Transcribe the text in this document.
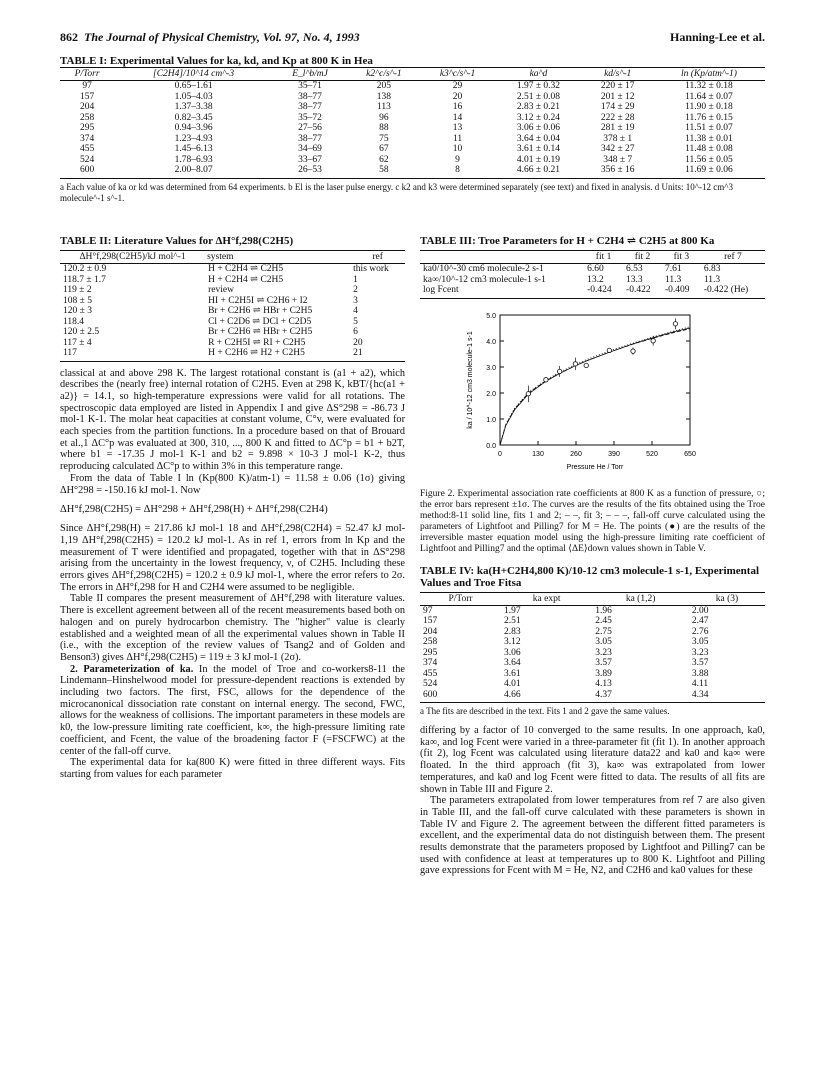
862 The Journal of Physical Chemistry, Vol. 97, No. 4, 1993	Hanning-Lee et al.
TABLE I: Experimental Values for ka, kd, and Kp at 800 K in Hea
P/Torr	[C2H4]/10^14 cm^-3	E_l^b/mJ	k2^c/s^-1	k3^c/s^-1	ka^d	kd/s^-1	ln (Kp/atm^-1)
97	0.65–1.61	35–71	205	29	1.97 ± 0.32	220 ± 17	11.32 ± 0.18
157	1.05–4.03	38–77	138	20	2.51 ± 0.08	201 ± 12	11.64 ± 0.07
204	1.37–3.38	38–77	113	16	2.83 ± 0.21	174 ± 29	11.90 ± 0.18
258	0.82–3.45	35–72	96	14	3.12 ± 0.24	222 ± 28	11.76 ± 0.15
295	0.94–3.96	27–56	88	13	3.06 ± 0.06	281 ± 19	11.51 ± 0.07
374	1.23–4.93	38–77	75	11	3.64 ± 0.04	378 ± 1	11.38 ± 0.01
455	1.45–6.13	34–69	67	10	3.61 ± 0.14	342 ± 27	11.48 ± 0.08
524	1.78–6.93	33–67	62	9	4.01 ± 0.19	348 ± 7	11.56 ± 0.05
600	2.00–8.07	26–53	58	8	4.66 ± 0.21	356 ± 16	11.69 ± 0.06
a Each value of ka or kd was determined from 64 experiments. b El is the laser pulse energy. c k2 and k3 were determined separately (see text) and fixed in analysis. d Units: 10^-12 cm^3 molecule^-1 s^-1.
TABLE II: Literature Values for ΔH°f,298(C2H5)
ΔH°f,298(C2H5)/kJ mol^-1	system	ref
120.2 ± 0.9	H + C2H4 ⇌ C2H5	this work
118.7 ± 1.7	H + C2H4 ⇌ C2H5	1
119 ± 2	review	2
108 ± 5	HI + C2H5I ⇌ C2H6 + I2	3
120 ± 3	Br + C2H6 ⇌ HBr + C2H5	4
118.4	Cl + C2D6 ⇌ DCl + C2D5	5
120 ± 2.5	Br + C2H6 ⇌ HBr + C2H5	6
117 ± 4	R + C2H5I ⇌ RI + C2H5	20
117	H + C2H6 ⇌ H2 + C2H5	21

classical at and above 298 K. The largest rotational constant is (a1 + a2), which describes the (nearly free) internal rotation of C2H5. Even at 298 K, kBT/{hc(a1 + a2)} = 14.1, so high-temperature expressions were valid for all rotations. The spectroscopic data employed are listed in Appendix I and give ΔS°298 = -86.73 J mol-1 K-1. The molar heat capacities at constant volume, C°v, were evaluated for each species from the partition functions. In a procedure based on that of Brouard et al.,1 ΔC°p was evaluated at 300, 310, ..., 800 K and fitted to ΔC°p = b1 + b2T, where b1 = -17.35 J mol-1 K-1 and b2 = 9.898 × 10-3 J mol-1 K-2, thus reproducing calculated ΔC°p to within 3% in this temperature range.

From the data of Table I ln (Kp(800 K)/atm-1) = 11.58 ± 0.06 (1σ) giving ΔH°298 = -150.16 kJ mol-1. Now

ΔH°f,298(C2H5) = ΔH°298 + ΔH°f,298(H) + ΔH°f,298(C2H4)

Since ΔH°f,298(H) = 217.86 kJ mol-1 18 and ΔH°f,298(C2H4) = 52.47 kJ mol-1,19 ΔH°f,298(C2H5) = 120.2 kJ mol-1. As in ref 1, errors from ln Kp and the measurement of T were identified and propagated, together with that in ΔS°298 arising from the uncertainty in the lowest frequency, ν, of C2H5. Including these errors gives ΔH°f,298(C2H5) = 120.2 ± 0.9 kJ mol-1, where the error refers to 2σ. The errors in ΔH°f,298 for H and C2H4 were assumed to be negligible.

Table II compares the present measurement of ΔH°f,298 with literature values. There is excellent agreement between all of the recent measurements based both on halogen and on purely hydrocarbon chemistry. The "higher" value is clearly established and a weighted mean of all the experimental values shown in Table II (i.e., with the exception of the review values of Tsang2 and of Golden and Benson3) gives ΔH°f,298(C2H5) = 119 ± 3 kJ mol-1 (2σ).

2. Parameterization of ka. In the model of Troe and co-workers8-11 the Lindemann–Hinshelwood model for pressure-dependent reactions is extended by including two factors. The first, FSC, allows for the dependence of the microcanonical dissociation rate constant on internal energy. The second, FWC, allows for the weakness of collisions. The important parameters in these models are k0, the low-pressure limiting rate coefficient, k∞, the high-pressure limiting rate coefficient, and Fcent, the value of the broadening factor F (=FSCFWC) at the center of the fall-off curve.

The experimental data for ka(800 K) were fitted in three different ways. Fits starting from values for each parameter

TABLE III: Troe Parameters for H + C2H4 ⇌ C2H5 at 800 Ka
	fit 1	fit 2	fit 3	ref 7
ka0/10^-30 cm6 molecule-2 s-1	6.60	6.53	7.61	6.83
ka∞/10^-12 cm3 molecule-1 s-1	13.2	13.3	11.3	11.3
log Fcent	-0.424	-0.422	-0.409	-0.422 (He)
0.0
1.0
2.0
3.0
4.0
5.0
0	130	260	390	520	650
Pressure He / Torr
ka / 10^-12 cm3 molecule-1 s-1
Figure 2. Experimental association rate coefficients at 800 K as a function of pressure, ○; the error bars represent ±1σ. The curves are the results of the fits obtained using the Troe method:8-11 solid line, fits 1 and 2; – –, fit 3; – – –, fall-off curve calculated using the parameters of Lightfoot and Pilling7 for M = He. The points (●) are the results of the irreversible master equation model using the high-pressure limiting rate coefficient of Lightfoot and Pilling7 and the optimal ⟨ΔE⟩down values shown in Table V.
TABLE IV: ka(H+C2H4,800 K)/10-12 cm3 molecule-1 s-1, Experimental Values and Troe Fitsa
P/Torr	ka expt	ka (1,2)	ka (3)
97	1.97	1.96	2.00
157	2.51	2.45	2.47
204	2.83	2.75	2.76
258	3.12	3.05	3.05
295	3.06	3.23	3.23
374	3.64	3.57	3.57
455	3.61	3.89	3.88
524	4.01	4.13	4.11
600	4.66	4.37	4.34
a The fits are described in the text. Fits 1 and 2 gave the same values.

differing by a factor of 10 converged to the same results. In one approach, ka0, ka∞, and log Fcent were varied in a three-parameter fit (fit 1). In another approach (fit 2), log Fcent was calculated using literature data22 and ka0 and ka∞ were floated. In the third approach (fit 3), ka∞ was extrapolated from lower temperatures, and ka0 and log Fcent were fitted to data. The results of all fits are shown in Table III and Figure 2.

The parameters extrapolated from lower temperatures from ref 7 are also given in Table III, and the fall-off curve calculated with these parameters is shown in Table IV and Figure 2. The agreement between the different fitted parameters is excellent, and the experimental data do not distinguish between them. The present results demonstrate that the parameters proposed by Lightfoot and Pilling7 can be used with confidence at least at temperatures up to 800 K. Lightfoot and Pilling gave expressions for Fcent with M = He, N2, and C2H6 and ka0 values for these
